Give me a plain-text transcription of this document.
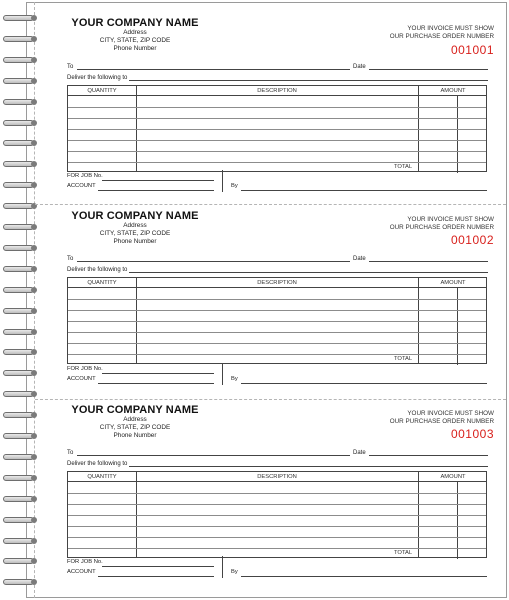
YOUR COMPANY NAME
Address
CITY, STATE, ZIP CODE
Phone Number
YOUR INVOICE MUST SHOW
OUR PURCHASE ORDER NUMBER
001001
To	Date
Deliver the following to
QUANTITY	DESCRIPTION	AMOUNT
TOTAL
FOR JOB No.
ACCOUNT	By
YOUR COMPANY NAME
Address
CITY, STATE, ZIP CODE
Phone Number
YOUR INVOICE MUST SHOW
OUR PURCHASE ORDER NUMBER
001002
To	Date
Deliver the following to
QUANTITY	DESCRIPTION	AMOUNT
TOTAL
FOR JOB No.
ACCOUNT	By
YOUR COMPANY NAME
Address
CITY, STATE, ZIP CODE
Phone Number
YOUR INVOICE MUST SHOW
OUR PURCHASE ORDER NUMBER
001003
To	Date
Deliver the following to
QUANTITY	DESCRIPTION	AMOUNT
TOTAL
FOR JOB No.
ACCOUNT	By
